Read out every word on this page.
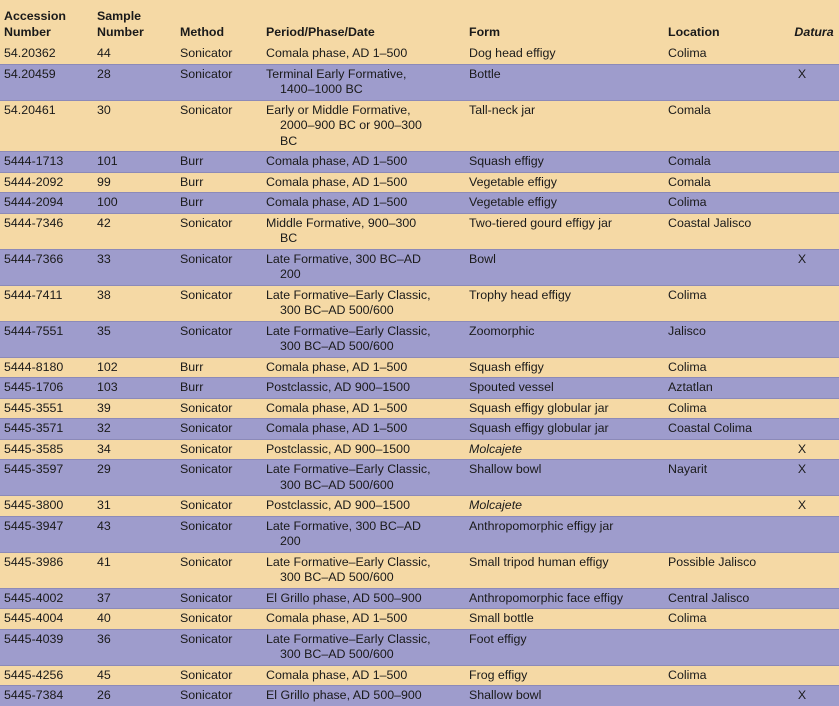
Accession Number	Sample Number	Method	Period/Phase/Date	Form	Location	Datura
54.20362	44	Sonicator	Comala phase, AD 1–500	Dog head effigy	Colima	
54.20459	28	Sonicator	Terminal Early Formative, 1400–1000 BC	Bottle		X
54.20461	30	Sonicator	Early or Middle Formative, 2000–900 BC or 900–300 BC	Tall-neck jar	Comala	
5444-1713	101	Burr	Comala phase, AD 1–500	Squash effigy	Comala	
5444-2092	99	Burr	Comala phase, AD 1–500	Vegetable effigy	Comala	
5444-2094	100	Burr	Comala phase, AD 1–500	Vegetable effigy	Colima	
5444-7346	42	Sonicator	Middle Formative, 900–300 BC	Two-tiered gourd effigy jar	Coastal Jalisco	
5444-7366	33	Sonicator	Late Formative, 300 BC–AD 200	Bowl		X
5444-7411	38	Sonicator	Late Formative–Early Classic, 300 BC–AD 500/600	Trophy head effigy	Colima	
5444-7551	35	Sonicator	Late Formative–Early Classic, 300 BC–AD 500/600	Zoomorphic	Jalisco	
5444-8180	102	Burr	Comala phase, AD 1–500	Squash effigy	Colima	
5445-1706	103	Burr	Postclassic, AD 900–1500	Spouted vessel	Aztatlan	
5445-3551	39	Sonicator	Comala phase, AD 1–500	Squash effigy globular jar	Colima	
5445-3571	32	Sonicator	Comala phase, AD 1–500	Squash effigy globular jar	Coastal Colima	
5445-3585	34	Sonicator	Postclassic, AD 900–1500	Molcajete		X
5445-3597	29	Sonicator	Late Formative–Early Classic, 300 BC–AD 500/600	Shallow bowl	Nayarit	X
5445-3800	31	Sonicator	Postclassic, AD 900–1500	Molcajete		X
5445-3947	43	Sonicator	Late Formative, 300 BC–AD 200	Anthropomorphic effigy jar		
5445-3986	41	Sonicator	Late Formative–Early Classic, 300 BC–AD 500/600	Small tripod human effigy	Possible Jalisco	
5445-4002	37	Sonicator	El Grillo phase, AD 500–900	Anthropomorphic face effigy	Central Jalisco	
5445-4004	40	Sonicator	Comala phase, AD 1–500	Small bottle	Colima	
5445-4039	36	Sonicator	Late Formative–Early Classic, 300 BC–AD 500/600	Foot effigy		
5445-4256	45	Sonicator	Comala phase, AD 1–500	Frog effigy	Colima	
5445-7384	26	Sonicator	El Grillo phase, AD 500–900	Shallow bowl		X
